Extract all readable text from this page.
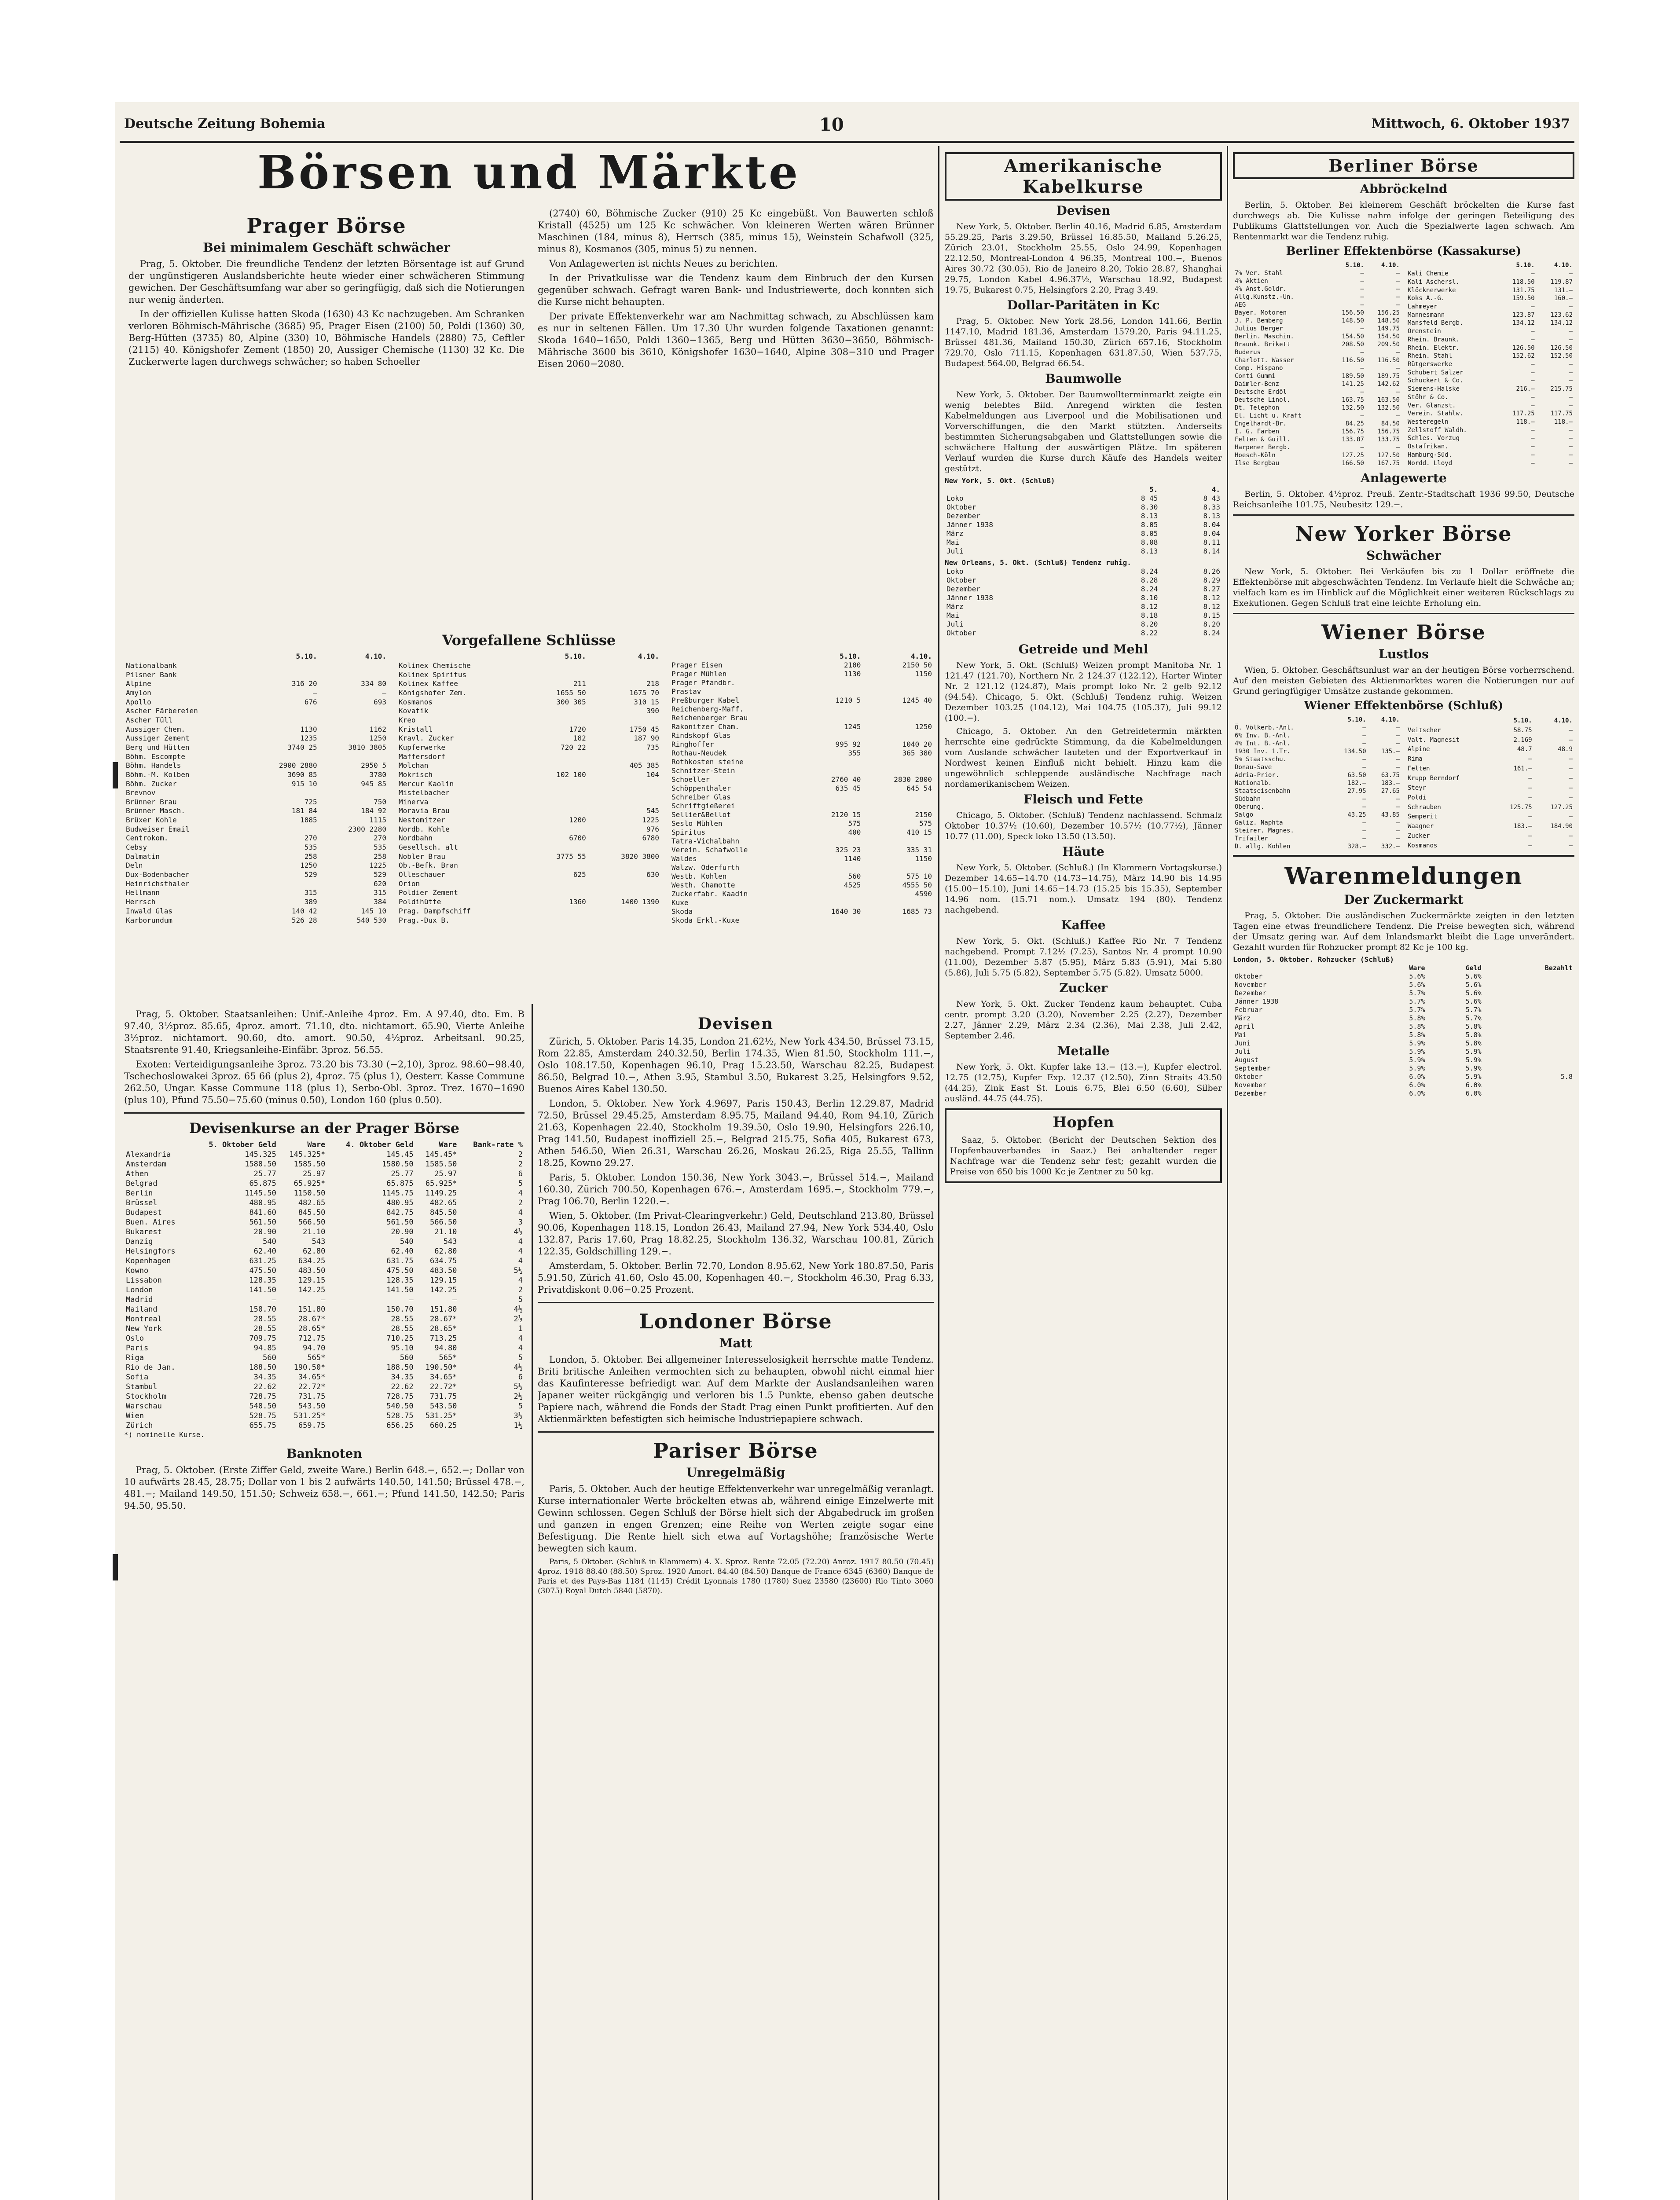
Deutsche Zeitung Bohemia	10	Mittwoch, 6. Oktober 1937
Börsen und Märkte
Prager Börse
Bei minimalem Geschäft schwächer

Prag, 5. Oktober. Die freundliche Tendenz der letzten Börsentage ist auf Grund der ungünstigeren Auslandsberichte heute wieder einer schwächeren Stimmung gewichen. Der Geschäftsumfang war aber so geringfügig, daß sich die Notierungen nur wenig änderten.

In der offiziellen Kulisse hatten Skoda (1630) 43 Kc nachzugeben. Am Schranken verloren Böhmisch-Mährische (3685) 95, Prager Eisen (2100) 50, Poldi (1360) 30, Berg-Hütten (3735) 80, Alpine (330) 10, Böhmische Handels (2880) 75, Ceftler (2115) 40. Königshofer Zement (1850) 20, Aussiger Chemische (1130) 32 Kc. Die Zuckerwerte lagen durchwegs schwächer; so haben Schoeller

(2740) 60, Böhmische Zucker (910) 25 Kc eingebüßt. Von Bauwerten schloß Kristall (4525) um 125 Kc schwächer. Von kleineren Werten wären Brünner Maschinen (184, minus 8), Herrsch (385, minus 15), Weinstein Schafwoll (325, minus 8), Kosmanos (305, minus 5) zu nennen.

Von Anlagewerten ist nichts Neues zu berichten.

In der Privatkulisse war die Tendenz kaum dem Einbruch der den Kursen gegenüber schwach. Gefragt waren Bank- und Industriewerte, doch konnten sich die Kurse nicht behaupten.

Der private Effektenverkehr war am Nachmittag schwach, zu Abschlüssen kam es nur in seltenen Fällen. Um 17.30 Uhr wurden folgende Taxationen genannt: Skoda 1640−1650, Poldi 1360−1365, Berg und Hütten 3630−3650, Böhmisch-Mährische 3600 bis 3610, Königshofer 1630−1640, Alpine 308−310 und Prager Eisen 2060−2080.

Vorgefallene Schlüsse
	5.10.	4.10.
Nationalbank		
Pilsner Bank		
Alpine	316 20	334 80
Amylon	—	—
Apollo	676	693
Ascher Färbereien		
Ascher Tüll		
Aussiger Chem.	1130	1162
Aussiger Zement	1235	1250
Berg und Hütten	3740 25	3810 3805
Böhm. Escompte		
Böhm. Handels	2900 2880	2950 5
Böhm.-M. Kolben	3690 85	3780
Böhm. Zucker	915 10	945 85
Brevnov		
Brünner Brau	725	750
Brünner Masch.	181 84	184 92
Brüxer Kohle	1085	1115
Budweiser Email		2300 2280
Centrokom.	270	270
Cebsy	535	535
Dalmatin	258	258
Deln	1250	1225
Dux-Bodenbacher	529	529
Heinrichsthaler		620
Hellmann	315	315
Herrsch	389	384
Inwald Glas	140 42	145 10
Karborundum	526 28	540 530
	5.10.	4.10.
Kolinex Chemische		
Kolinex Spiritus		
Kolinex Kaffee	211	218
Königshofer Zem.	1655 50	1675 70
Kosmanos	300 305	310 15
Kovatik		390
Kreo		
Kristall	1720	1750 45
Kravl. Zucker	182	187 90
Kupferwerke	720 22	735
Maffersdorf		
Molchan		405 385
Mokrisch	102 100	104
Mercur Kaolin		
Mistelbacher		
Minerva		
Moravia Brau		545
Nestomitzer	1200	1225
Nordb. Kohle		976
Nordbahn	6700	6780
Gesellsch. alt		
Nobler Brau	3775 55	3820 3800
Ob.-Befk. Bran		
Olleschauer	625	630
Orion		
Poldier Zement		
Poldihütte	1360	1400 1390
Prag. Dampfschiff		
Prag.-Dux B.		
	5.10.	4.10.
Prager Eisen	2100	2150 50
Prager Mühlen	1130	1150
Prager Pfandbr.		
Prastav		
Preßburger Kabel	1210 5	1245 40
Reichenberg-Maff.		
Reichenberger Brau		
Rakonitzer Cham.	1245	1250
Rindskopf Glas		
Ringhoffer	995 92	1040 20
Rothau-Neudek	355	365 380
Rothkosten steine		
Schnitzer-Stein		
Schoeller	2760 40	2830 2800
Schöppenthaler	635 45	645 54
Schreiber Glas		
Schriftgießerei		
Sellier&Bellot	2120 15	2150
Seslo Mühlen	575	575
Spiritus	400	410 15
Tatra-Vichalbahn		
Verein. Schafwolle	325 23	335 31
Waldes	1140	1150
Walzw. Oderfurth		
Westb. Kohlen	560	575 10
Westh. Chamotte	4525	4555 50
Zuckerfabr. Kaadin		4590
Kuxe		
Skoda	1640 30	1685 73
Skoda Erkl.-Kuxe		

Prag, 5. Oktober. Staatsanleihen: Unif.-Anleihe 4proz. Em. A 97.40, dto. Em. B 97.40, 3½proz. 85.65, 4proz. amort. 71.10, dto. nichtamort. 65.90, Vierte Anleihe 3½proz. nichtamort. 90.60, dto. amort. 90.50, 4½proz. Arbeitsanl. 90.25, Staatsrente 91.40, Kriegsanleihe-Einfäbr. 3proz. 56.55.

Exoten: Verteidigungsanleihe 3proz. 73.20 bis 73.30 (−2,10), 3proz. 98.60−98.40, Tschechoslowakei 3proz. 65 66 (plus 2), 4proz. 75 (plus 1), Oesterr. Kasse Commune 262.50, Ungar. Kasse Commune 118 (plus 1), Serbo-Obl. 3proz. Trez. 1670−1690 (plus 10), Pfund 75.50−75.60 (minus 0.50), London 160 (plus 0.50).

Devisenkurse an der Prager Börse
	5. Oktober Geld	Ware	4. Oktober Geld	Ware	Bank-rate %
Alexandria	145.325	145.325*	145.45	145.45*	2
Amsterdam	1580.50	1585.50	1580.50	1585.50	2
Athen	25.77	25.97	25.77	25.97	6
Belgrad	65.875	65.925*	65.875	65.925*	5
Berlin	1145.50	1150.50	1145.75	1149.25	4
Brüssel	480.95	482.65	480.95	482.65	2
Budapest	841.60	845.50	842.75	845.50	4
Buen. Aires	561.50	566.50	561.50	566.50	3
Bukarest	20.90	21.10	20.90	21.10	4½
Danzig	540	543	540	543	4
Helsingfors	62.40	62.80	62.40	62.80	4
Kopenhagen	631.25	634.25	631.75	634.75	4
Kowno	475.50	483.50	475.50	483.50	5½
Lissabon	128.35	129.15	128.35	129.15	4
London	141.50	142.25	141.50	142.25	2
Madrid	—	—	—	—	5
Mailand	150.70	151.80	150.70	151.80	4½
Montreal	28.55	28.67*	28.55	28.67*	2½
New York	28.55	28.65*	28.55	28.65*	1
Oslo	709.75	712.75	710.25	713.25	4
Paris	94.85	94.70	95.10	94.80	4
Riga	560	565*	560	565*	5
Rio de Jan.	188.50	190.50*	188.50	190.50*	4½
Sofia	34.35	34.65*	34.35	34.65*	6
Stambul	22.62	22.72*	22.62	22.72*	5½
Stockholm	728.75	731.75	728.75	731.75	2½
Warschau	540.50	543.50	540.50	543.50	5
Wien	528.75	531.25*	528.75	531.25*	3½
Zürich	655.75	659.75	656.25	660.25	1½
*) nominelle Kurse.
Banknoten

Prag, 5. Oktober. (Erste Ziffer Geld, zweite Ware.) Berlin 648.−, 652.−; Dollar von 10 aufwärts 28.45, 28.75; Dollar von 1 bis 2 aufwärts 140.50, 141.50; Brüssel 478.−, 481.−; Mailand 149.50, 151.50; Schweiz 658.−, 661.−; Pfund 141.50, 142.50; Paris 94.50, 95.50.

Devisen

Zürich, 5. Oktober. Paris 14.35, London 21.62½, New York 434.50, Brüssel 73.15, Rom 22.85, Amsterdam 240.32.50, Berlin 174.35, Wien 81.50, Stockholm 111.−, Oslo 108.17.50, Kopenhagen 96.10, Prag 15.23.50, Warschau 82.25, Budapest 86.50, Belgrad 10.−, Athen 3.95, Stambul 3.50, Bukarest 3.25, Helsingfors 9.52, Buenos Aires Kabel 130.50.

London, 5. Oktober. New York 4.9697, Paris 150.43, Berlin 12.29.87, Madrid 72.50, Brüssel 29.45.25, Amsterdam 8.95.75, Mailand 94.40, Rom 94.10, Zürich 21.63, Kopenhagen 22.40, Stockholm 19.39.50, Oslo 19.90, Helsingfors 226.10, Prag 141.50, Budapest inoffiziell 25.−, Belgrad 215.75, Sofia 405, Bukarest 673, Athen 546.50, Wien 26.31, Warschau 26.26, Moskau 26.25, Riga 25.55, Tallinn 18.25, Kowno 29.27.

Paris, 5. Oktober. London 150.36, New York 3043.−, Brüssel 514.−, Mailand 160.30, Zürich 700.50, Kopenhagen 676.−, Amsterdam 1695.−, Stockholm 779.−, Prag 106.70, Berlin 1220.−.

Wien, 5. Oktober. (Im Privat-Clearingverkehr.) Geld, Deutschland 213.80, Brüssel 90.06, Kopenhagen 118.15, London 26.43, Mailand 27.94, New York 534.40, Oslo 132.87, Paris 17.60, Prag 18.82.25, Stockholm 136.32, Warschau 100.81, Zürich 122.35, Goldschilling 129.−.

Amsterdam, 5. Oktober. Berlin 72.70, London 8.95.62, New York 180.87.50, Paris 5.91.50, Zürich 41.60, Oslo 45.00, Kopenhagen 40.−, Stockholm 46.30, Prag 6.33, Privatdiskont 0.06−0.25 Prozent.

Londoner Börse
Matt

London, 5. Oktober. Bei allgemeiner Interesselosigkeit herrschte matte Tendenz. Briti britische Anleihen vermochten sich zu behaupten, obwohl nicht einmal hier das Kaufinteresse befriedigt war. Auf dem Markte der Auslandsanleihen waren Japaner weiter rückgängig und verloren bis 1.5 Punkte, ebenso gaben deutsche Papiere nach, während die Fonds der Stadt Prag einen Punkt profitierten. Auf den Aktienmärkten befestigten sich heimische Industriepapiere schwach.

Pariser Börse
Unregelmäßig

Paris, 5. Oktober. Auch der heutige Effektenverkehr war unregelmäßig veranlagt. Kurse internationaler Werte bröckelten etwas ab, während einige Einzelwerte mit Gewinn schlossen. Gegen Schluß der Börse hielt sich der Abgabedruck im großen und ganzen in engen Grenzen; eine Reihe von Werten zeigte sogar eine Befestigung. Die Rente hielt sich etwa auf Vortagshöhe; französische Werte bewegten sich kaum.

Paris, 5 Oktober. (Schluß in Klammern) 4. X. Sproz. Rente 72.05 (72.20) Anroz. 1917 80.50 (70.45) 4proz. 1918 88.40 (88.50) Sproz. 1920 Amort. 84.40 (84.50) Banque de France 6345 (6360) Banque de Paris et des Pays-Bas 1184 (1145) Crédit Lyonnais 1780 (1780) Suez 23580 (23600) Rio Tinto 3060 (3075) Royal Dutch 5840 (5870).

Amerikanische Kabelkurse
Devisen

New York, 5. Oktober. Berlin 40.16, Madrid 6.85, Amsterdam 55.29.25, Paris 3.29.50, Brüssel 16.85.50, Mailand 5.26.25, Zürich 23.01, Stockholm 25.55, Oslo 24.99, Kopenhagen 22.12.50, Montreal-London 4 96.35, Montreal 100.−, Buenos Aires 30.72 (30.05), Rio de Janeiro 8.20, Tokio 28.87, Shanghai 29.75, London Kabel 4.96.37½, Warschau 18.92, Budapest 19.75, Bukarest 0.75, Helsingfors 2.20, Prag 3.49.

Dollar-Paritäten in Kc

Prag, 5. Oktober. New York 28.56, London 141.66, Berlin 1147.10, Madrid 181.36, Amsterdam 1579.20, Paris 94.11.25, Brüssel 481.36, Mailand 150.30, Zürich 657.16, Stockholm 729.70, Oslo 711.15, Kopenhagen 631.87.50, Wien 537.75, Budapest 564.00, Belgrad 66.54.

Baumwolle

New York, 5. Oktober. Der Baumwollterminmarkt zeigte ein wenig belebtes Bild. Anregend wirkten die festen Kabelmeldungen aus Liverpool und die Mobilisationen und Vorverschiffungen, die den Markt stützten. Anderseits bestimmten Sicherungsabgaben und Glattstellungen sowie die schwächere Haltung der auswärtigen Plätze. Im späteren Verlauf wurden die Kurse durch Käufe des Handels weiter gestützt.

New York, 5. Okt. (Schluß)
	5.	4.
Loko	8 45	8 43
Oktober	8.30	8.33
Dezember	8.13	8.13
Jänner 1938	8.05	8.04
März	8.05	8.04
Mai	8.08	8.11
Juli	8.13	8.14
New Orleans, 5. Okt. (Schluß) Tendenz ruhig.
Loko	8.24	8.26
Oktober	8.28	8.29
Dezember	8.24	8.27
Jänner 1938	8.10	8.12
März	8.12	8.12
Mai	8.18	8.15
Juli	8.20	8.20
Oktober	8.22	8.24
Getreide und Mehl

New York, 5. Okt. (Schluß) Weizen prompt Manitoba Nr. 1 121.47 (121.70), Northern Nr. 2 124.37 (122.12), Harter Winter Nr. 2 121.12 (124.87), Mais prompt loko Nr. 2 gelb 92.12 (94.54). Chicago, 5. Okt. (Schluß) Tendenz ruhig. Weizen Dezember 103.25 (104.12), Mai 104.75 (105.37), Juli 99.12 (100.−).

Chicago, 5. Oktober. An den Getreidetermin märkten herrschte eine gedrückte Stimmung, da die Kabelmeldungen vom Auslande schwächer lauteten und der Exportverkauf in Nordwest keinen Einfluß nicht behielt. Hinzu kam die ungewöhnlich schleppende ausländische Nachfrage nach nordamerikanischem Weizen.

Fleisch und Fette

Chicago, 5. Oktober. (Schluß) Tendenz nachlassend. Schmalz Oktober 10.37½ (10.60), Dezember 10.57½ (10.77½), Jänner 10.77 (11.00), Speck loko 13.50 (13.50).

Häute

New York, 5. Oktober. (Schluß.) (In Klammern Vortagskurse.) Dezember 14.65−14.70 (14.73−14.75), März 14.90 bis 14.95 (15.00−15.10), Juni 14.65−14.73 (15.25 bis 15.35), September 14.96 nom. (15.71 nom.). Umsatz 194 (80). Tendenz nachgebend.

Kaffee

New York, 5. Okt. (Schluß.) Kaffee Rio Nr. 7 Tendenz nachgebend. Prompt 7.12½ (7.25), Santos Nr. 4 prompt 10.90 (11.00), Dezember 5.87 (5.95), März 5.83 (5.91), Mai 5.80 (5.86), Juli 5.75 (5.82), September 5.75 (5.82). Umsatz 5000.

Zucker

New York, 5. Okt. Zucker Tendenz kaum behauptet. Cuba centr. prompt 3.20 (3.20), November 2.25 (2.27), Dezember 2.27, Jänner 2.29, März 2.34 (2.36), Mai 2.38, Juli 2.42, September 2.46.

Metalle

New York, 5. Okt. Kupfer lake 13.− (13.−), Kupfer electrol. 12.75 (12.75), Kupfer Exp. 12.37 (12.50), Zinn Straits 43.50 (44.25), Zink East St. Louis 6.75, Blei 6.50 (6.60), Silber ausländ. 44.75 (44.75).

Hopfen

Saaz, 5. Oktober. (Bericht der Deutschen Sektion des Hopfenbauverbandes in Saaz.) Bei anhaltender reger Nachfrage war die Tendenz sehr fest; gezahlt wurden die Preise von 650 bis 1000 Kc je Zentner zu 50 kg.

Berliner Börse
Abbröckelnd

Berlin, 5. Oktober. Bei kleinerem Geschäft bröckelten die Kurse fast durchwegs ab. Die Kulisse nahm infolge der geringen Beteiligung des Publikums Glattstellungen vor. Auch die Spezialwerte lagen schwach. Am Rentenmarkt war die Tendenz ruhig.

Berliner Effektenbörse (Kassakurse)
	5.10.	4.10.
7% Ver. Stahl	—	—
4% Aktien	—	—
4% Anst.Goldr.	—	—
Allg.Kunstz.-Un.	—	—
AEG	—	—
Bayer. Motoren	156.50	156.25
J. P. Bemberg	148.50	148.50
Julius Berger	—	149.75
Berlin. Maschin.	154.50	154.50
Braunk. Brikett	208.50	209.50
Buderus	—	—
Charlott. Wasser	116.50	116.50
Comp. Hispano	—	—
Conti Gummi	189.50	189.75
Daimler-Benz	141.25	142.62
Deutsche Erdöl	—	—
Deutsche Linol.	163.75	163.50
Dt. Telephon	132.50	132.50
El. Licht u. Kraft	—	—
Engelhardt-Br.	84.25	84.50
I. G. Farben	156.75	156.75
Felten & Guill.	133.87	133.75
Harpener Bergb.	—	—
Hoesch-Köln	127.25	127.50
Ilse Bergbau	166.50	167.75
	5.10.	4.10.
Kali Chemie	—	—
Kali Aschersl.	118.50	119.87
Klöcknerwerke	131.75	131.—
Koks A.-G.	159.50	160.—
Lahmeyer	—	—
Mannesmann	123.87	123.62
Mansfeld Bergb.	134.12	134.12
Orenstein	—	—
Rhein. Braunk.	—	—
Rhein. Elektr.	126.50	126.50
Rhein. Stahl	152.62	152.50
Rütgerswerke	—	—
Schubert Salzer	—	—
Schuckert & Co.	—	—
Siemens-Halske	216.—	215.75
Stöhr & Co.	—	—
Ver. Glanzst.	—	—
Verein. Stahlw.	117.25	117.75
Westeregeln	118.—	118.—
Zellstoff Waldh.	—	—
Schles. Vorzug	—	—
Ostafrikan.	—	—
Hamburg-Süd.	—	—
Nordd. Lloyd	—	—
Anlagewerte

Berlin, 5. Oktober. 4½proz. Preuß. Zentr.-Stadtschaft 1936 99.50, Deutsche Reichsanleihe 101.75, Neubesitz 129.−.

New Yorker Börse
Schwächer

New York, 5. Oktober. Bei Verkäufen bis zu 1 Dollar eröffnete die Effektenbörse mit abgeschwächten Tendenz. Im Verlaufe hielt die Schwäche an; vielfach kam es im Hinblick auf die Möglichkeit einer weiteren Rückschlags zu Exekutionen. Gegen Schluß trat eine leichte Erholung ein.

Wiener Börse
Lustlos

Wien, 5. Oktober. Geschäftsunlust war an der heutigen Börse vorherrschend. Auf den meisten Gebieten des Aktienmarktes waren die Notierungen nur auf Grund geringfügiger Umsätze zustande gekommen.

Wiener Effektenbörse (Schluß)
	5.10.	4.10.
Ö. Völkerb.-Anl.	—	—
6% Inv. B.-Anl.	—	—
4% Int. B.-Anl.	—	—
1930 Inv. 1.Tr.	134.50	135.—
5% Staatsschu.	—	—
Donau-Save	—	—
Adria-Prior.	63.50	63.75
Nationalb.	182.—	183.—
Staatseisenbahn	27.95	27.65
Südbahn	—	—
Oberung.	—	—
Salgo	43.25	43.85
Galiz. Naphta	—	—
Steirer. Magnes.	—	—
Trifailer	—	—
D. allg. Kohlen	328.—	332.—
	5.10.	4.10.
Veitscher	58.75	—
Valt. Magnesit	2.169	—
Alpine	48.7	48.9
Rima	—	—
Felten	161.—	—
Krupp Berndorf	—	—
Steyr	—	—
Poldi	—	—
Schrauben	125.75	127.25
Semperit	—	—
Waagner	183.—	184.90
Zucker	—	—
Kosmanos	—	—
Warenmeldungen
Der Zuckermarkt

Prag, 5. Oktober. Die ausländischen Zuckermärkte zeigten in den letzten Tagen eine etwas freundlichere Tendenz. Die Preise bewegten sich, während der Umsatz gering war. Auf dem Inlandsmarkt bleibt die Lage unverändert. Gezahlt wurden für Rohzucker prompt 82 Kc je 100 kg.

London, 5. Oktober. Rohzucker (Schluß)
	Ware	Geld	Bezahlt
Oktober	5.6%	5.6%	
November	5.6%	5.6%	
Dezember	5.7%	5.6%	
Jänner 1938	5.7%	5.6%	
Februar	5.7%	5.7%	
März	5.8%	5.7%	
April	5.8%	5.8%	
Mai	5.8%	5.8%	
Juni	5.9%	5.8%	
Juli	5.9%	5.9%	
August	5.9%	5.9%	
September	5.9%	5.9%	
Oktober	6.0%	5.9%	5.8
November	6.0%	6.0%	
Dezember	6.0%	6.0%	
